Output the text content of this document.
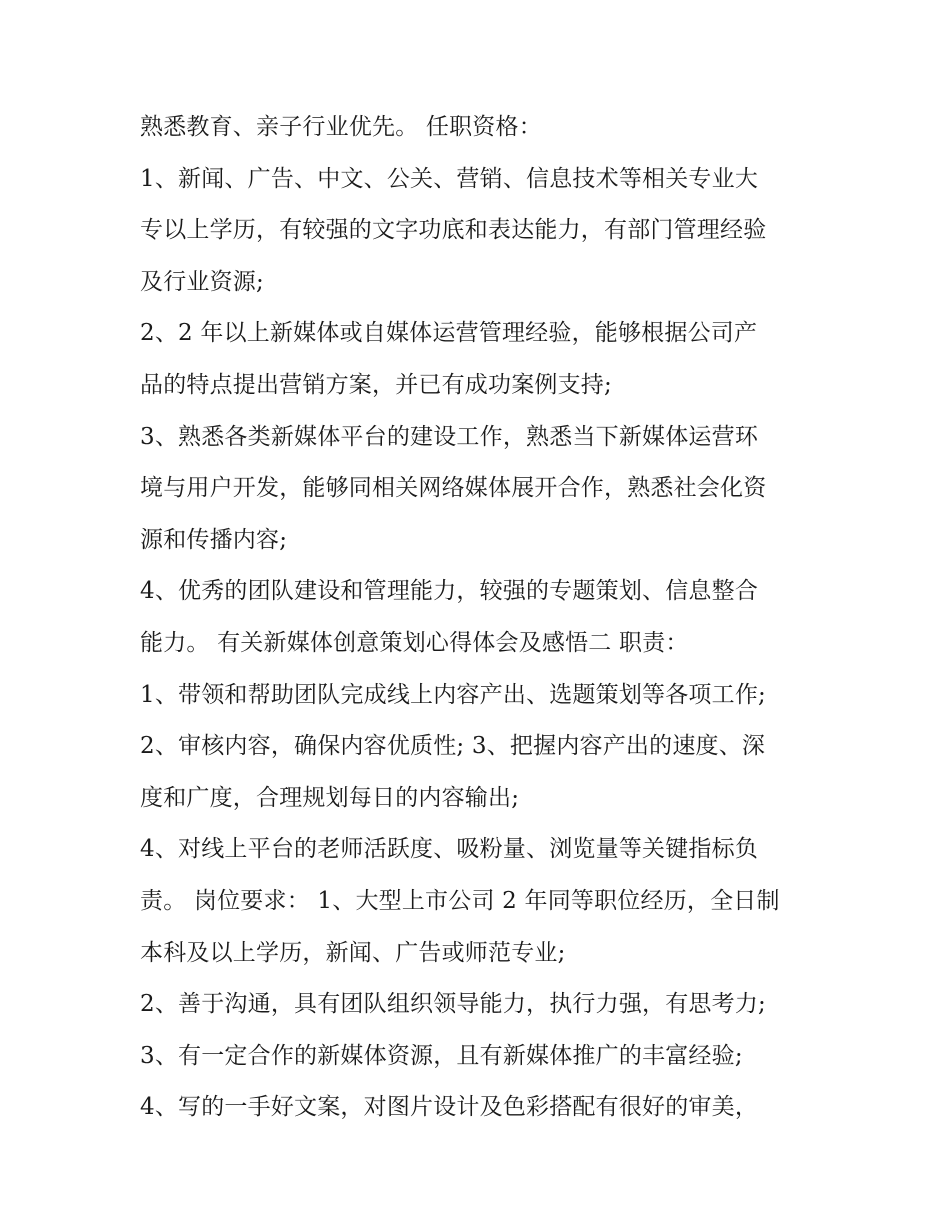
熟悉教育、亲子行业优先。 任职资格：
1、新闻、广告、中文、公关、营销、信息技术等相关专业大
专以上学历，有较强的文字功底和表达能力，有部门管理经验
及行业资源;
2、2 年以上新媒体或自媒体运营管理经验，能够根据公司产
品的特点提出营销方案，并已有成功案例支持;
3、熟悉各类新媒体平台的建设工作，熟悉当下新媒体运营环
境与用户开发，能够同相关网络媒体展开合作，熟悉社会化资
源和传播内容;
4、优秀的团队建设和管理能力，较强的专题策划、信息整合
能力。 有关新媒体创意策划心得体会及感悟二 职责：
1、带领和帮助团队完成线上内容产出、选题策划等各项工作;
2、审核内容，确保内容优质性; 3、把握内容产出的速度、深
度和广度，合理规划每日的内容输出;
4、对线上平台的老师活跃度、吸粉量、浏览量等关键指标负
责。 岗位要求： 1、大型上市公司 2 年同等职位经历，全日制
本科及以上学历，新闻、广告或师范专业;
2、善于沟通，具有团队组织领导能力，执行力强，有思考力;
3、有一定合作的新媒体资源，且有新媒体推广的丰富经验;
4、写的一手好文案，对图片设计及色彩搭配有很好的审美，
